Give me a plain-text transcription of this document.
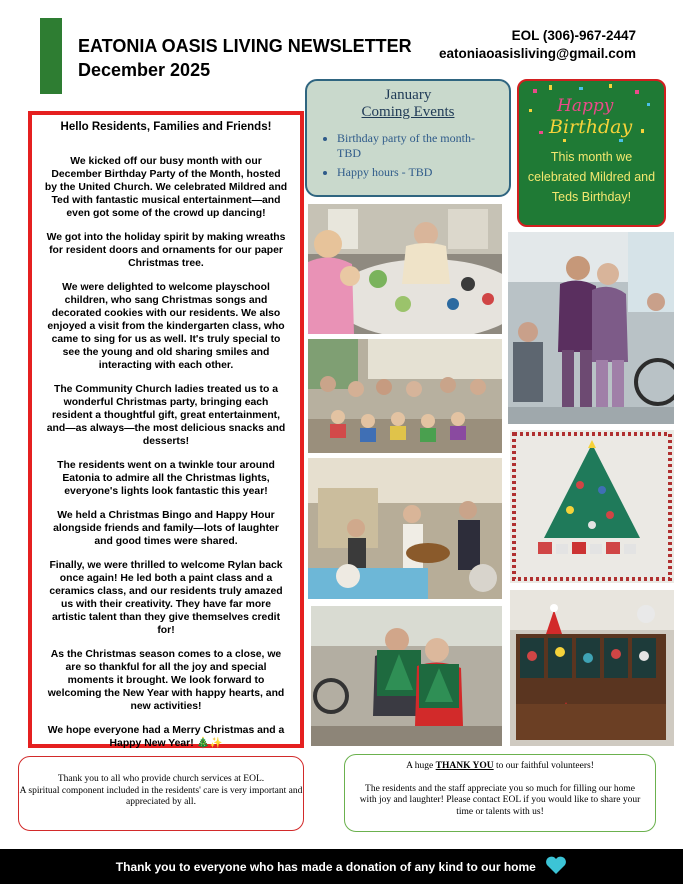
EATONIA OASIS LIVING NEWSLETTER
December 2025
EOL (306)-967-2447
eatoniaoasisliving@gmail.com
Hello Residents, Families and Friends!

We kicked off our busy month with our December Birthday Party of the Month, hosted by the United Church. We celebrated Mildred and Ted with fantastic musical entertainment—and even got some of the crowd up dancing!

We got into the holiday spirit by making wreaths for resident doors and ornaments for our paper Christmas tree.

We were delighted to welcome playschool children, who sang Christmas songs and decorated cookies with our residents. We also enjoyed a visit from the kindergarten class, who came to sing for us as well. It's truly special to see the young and old sharing smiles and interacting with each other.

The Community Church ladies treated us to a wonderful Christmas party, bringing each resident a thoughtful gift, great entertainment, and—as always—the most delicious snacks and desserts!

The residents went on a twinkle tour around Eatonia to admire all the Christmas lights, everyone's lights look fantastic this year!

We held a Christmas Bingo and Happy Hour alongside friends and family—lots of laughter and good times were shared.

Finally, we were thrilled to welcome Rylan back once again! He led both a paint class and a ceramics class, and our residents truly amazed us with their creativity. They have far more artistic talent than they give themselves credit for!

As the Christmas season comes to a close, we are so thankful for all the joy and special moments it brought. We look forward to welcoming the New Year with happy hearts, and new activities!

We hope everyone had a Merry Christmas and a Happy New Year! 🎄✨

January
Coming Events
• Birthday party of the month- TBD
• Happy hours - TBD
Happy
Birthday
This month we celebrated Mildred and Teds Birthday!
Thank you to all who provide church services at EOL.
A spiritual component included in the residents' care is very important and appreciated by all.
A huge THANK YOU to our faithful volunteers!
The residents and the staff appreciate you so much for filling our home with joy and laughter! Please contact EOL if you would like to share your time or talents with us!
Thank you to everyone who has made a donation of any kind to our home
